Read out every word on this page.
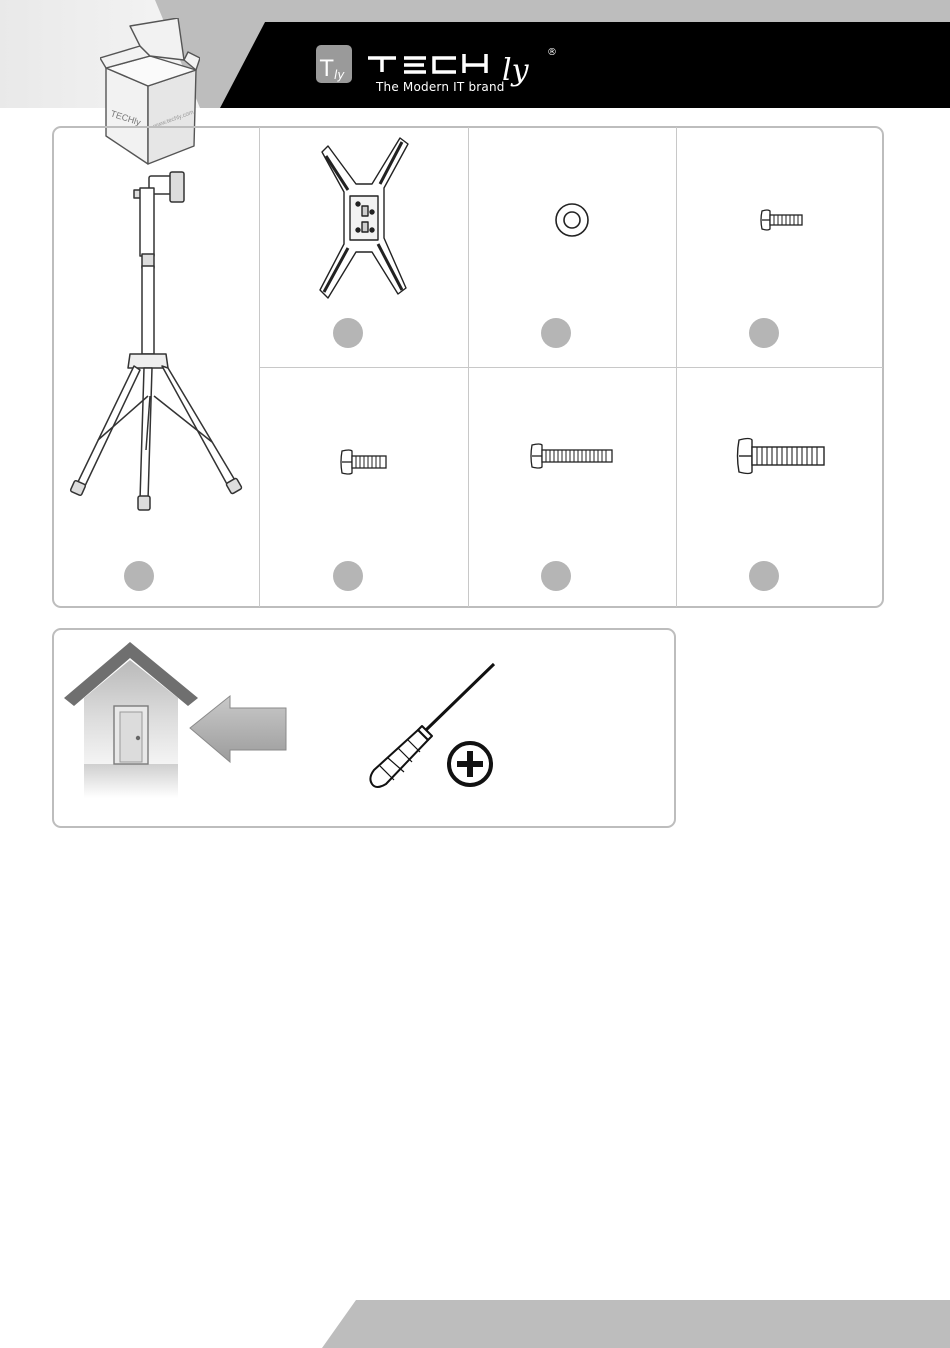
T ly	ly
®
The Modern IT brand
TECHly www.techly.com
